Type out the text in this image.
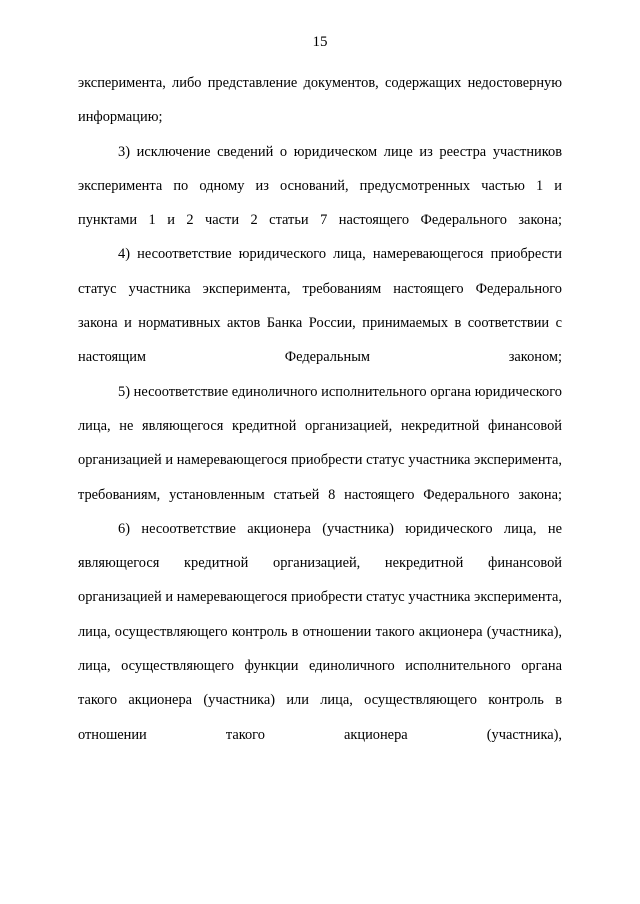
15

эксперимента, либо представление документов, содержащих недостоверную информацию;

3) исключение сведений о юридическом лице из реестра участников эксперимента по одному из оснований, предусмотренных частью 1 и пунктами 1 и 2 части 2 статьи 7 настоящего Федерального закона;

4) несоответствие юридического лица, намеревающегося приобрести статус участника эксперимента, требованиям настоящего Федерального закона и нормативных актов Банка России, принимаемых в соответствии с настоящим Федеральным законом;

5) несоответствие единоличного исполнительного органа юридического лица, не являющегося кредитной организацией, некредитной финансовой организацией и намеревающегося приобрести статус участника эксперимента, требованиям, установленным статьей 8 настоящего Федерального закона;

6) несоответствие акционера (участника) юридического лица, не являющегося кредитной организацией, некредитной финансовой организацией и намеревающегося приобрести статус участника эксперимента, лица, осуществляющего контроль в отношении такого акционера (участника), лица, осуществляющего функции единоличного исполнительного органа такого акционера (участника) или лица, осуществляющего контроль в отношении такого акционера (участника),
